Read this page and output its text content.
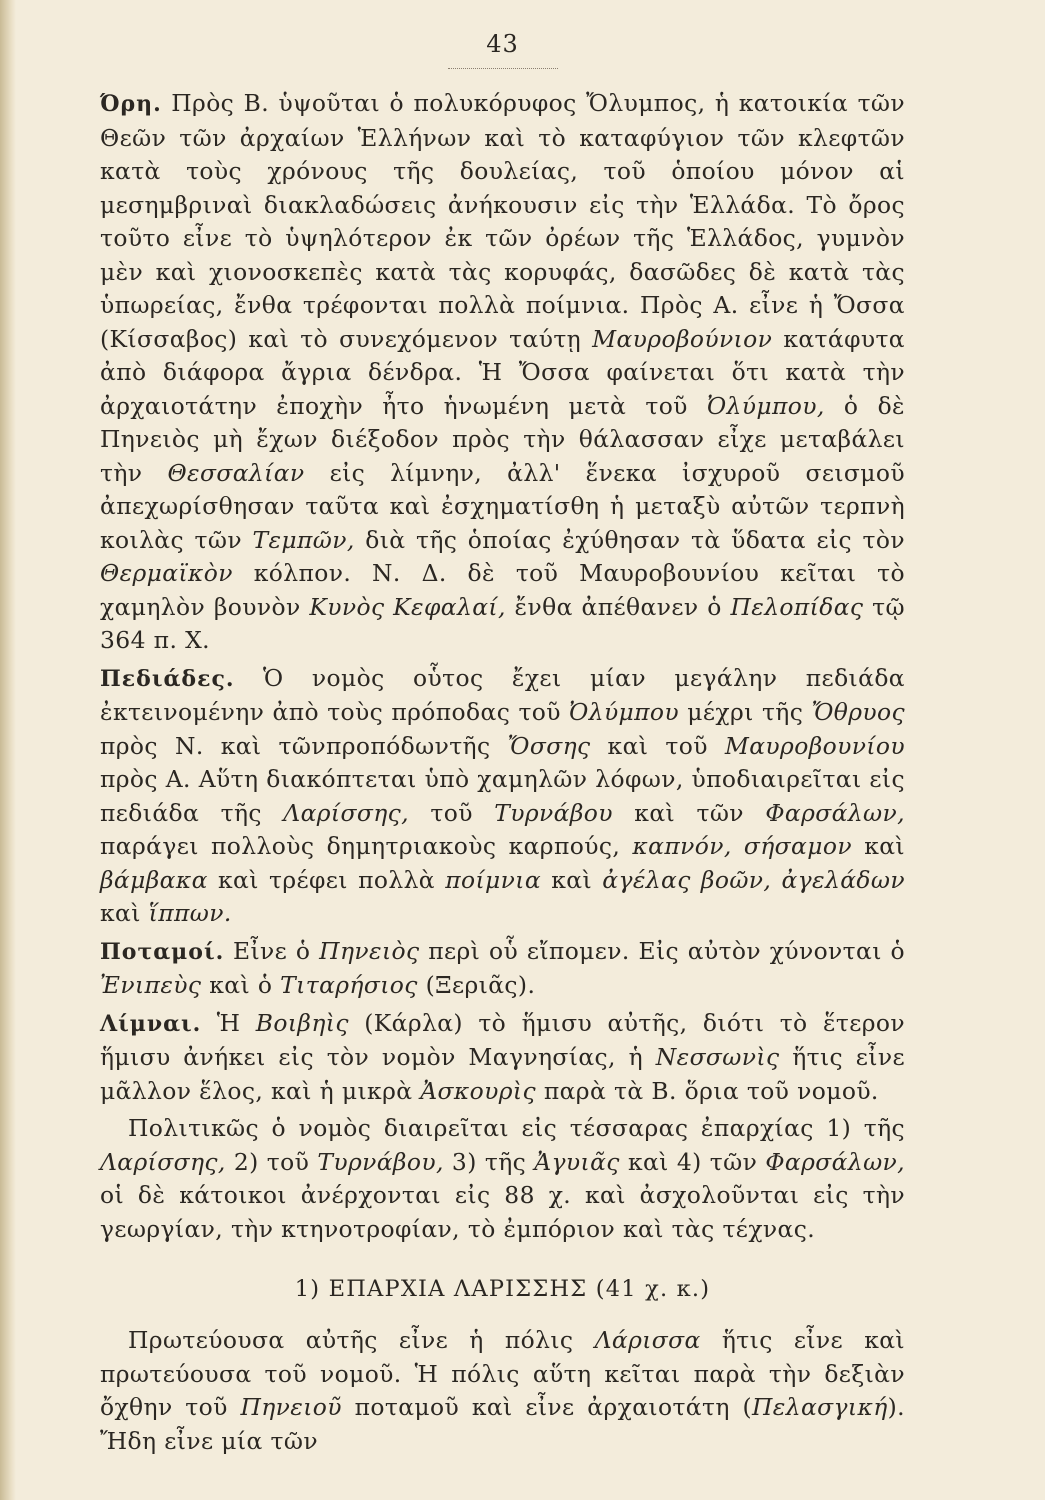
43

Όρη. Πρὸς Β. ὑψοῦται ὁ πολυκόρυφος Ὄλυμπος, ἡ κατοικία τῶν Θεῶν τῶν ἀρχαίων Ἑλλήνων καὶ τὸ καταφύγιον τῶν κλεφτῶν κατὰ τοὺς χρόνους τῆς δουλείας, τοῦ ὁποίου μόνον αἱ μεσημβριναὶ διακλαδώσεις ἀνήκουσιν εἰς τὴν Ἑλλάδα. Τὸ ὄρος τοῦτο εἶνε τὸ ὑψηλότερον ἐκ τῶν ὀρέων τῆς Ἑλλάδος, γυμνὸν μὲν καὶ χιονοσκεπὲς κατὰ τὰς κορυφάς, δασῶδες δὲ κατὰ τὰς ὑπωρείας, ἔνθα τρέφονται πολλὰ ποίμνια. Πρὸς Α. εἶνε ἡ Ὄσσα (Κίσσαβος) καὶ τὸ συνεχόμενον ταύτῃ Μαυροβούνιον κατάφυτα ἀπὸ διάφορα ἄγρια δένδρα. Ἡ Ὄσσα φαίνεται ὅτι κατὰ τὴν ἀρχαιοτάτην ἐποχὴν ἦτο ἡνωμένη μετὰ τοῦ Ὀλύμπου, ὁ δὲ Πηνειὸς μὴ ἔχων διέξοδον πρὸς τὴν θάλασσαν εἶχε μεταβάλει τὴν Θεσσαλίαν εἰς λίμνην, ἀλλ' ἕνεκα ἰσχυροῦ σεισμοῦ ἀπεχωρίσθησαν ταῦτα καὶ ἐσχηματίσθη ἡ μεταξὺ αὐτῶν τερπνὴ κοιλὰς τῶν Τεμπῶν, διὰ τῆς ὁποίας ἐχύθησαν τὰ ὕδατα εἰς τὸν Θερμαϊκὸν κόλπον. Ν. Δ. δὲ τοῦ Μαυροβουνίου κεῖται τὸ χαμηλὸν βουνὸν Κυνὸς Κεφαλαί, ἔνθα ἀπέθανεν ὁ Πελοπίδας τῷ 364 π. Χ.

Πεδιάδες. Ὁ νομὸς οὗτος ἔχει μίαν μεγάλην πεδιάδα ἐκτεινομένην ἀπὸ τοὺς πρόποδας τοῦ Ὀλύμπου μέχρι τῆς Ὄθρυος πρὸς Ν. καὶ τῶνπροπόδωντῆς Ὄσσης καὶ τοῦ Μαυροβουνίου πρὸς Α. Αὕτη διακόπτεται ὑπὸ χαμηλῶν λόφων, ὑποδιαιρεῖται εἰς πεδιάδα τῆς Λαρίσσης, τοῦ Τυρνάβου καὶ τῶν Φαρσάλων, παράγει πολλοὺς δημητριακοὺς καρπούς, καπνόν, σήσαμον καὶ βάμβακα καὶ τρέφει πολλὰ ποίμνια καὶ ἀγέλας βοῶν, ἀγελάδων καὶ ἵππων.

Ποταμοί. Εἶνε ὁ Πηνειὸς περὶ οὗ εἴπομεν. Εἰς αὐτὸν χύνονται ὁ Ἐνιπεὺς καὶ ὁ Τιταρήσιος (Ξεριᾶς).

Λίμναι. Ἡ Βοιβηὶς (Κάρλα) τὸ ἥμισυ αὐτῆς, διότι τὸ ἕτερον ἥμισυ ἀνήκει εἰς τὸν νομὸν Μαγνησίας, ἡ Νεσσωνὶς ἥτις εἶνε μᾶλλον ἕλος, καὶ ἡ μικρὰ Ἀσκουρὶς παρὰ τὰ Β. ὅρια τοῦ νομοῦ.

Πολιτικῶς ὁ νομὸς διαιρεῖται εἰς τέσσαρας ἐπαρχίας 1) τῆς Λαρίσσης, 2) τοῦ Τυρνάβου, 3) τῆς Ἀγυιᾶς καὶ 4) τῶν Φαρσάλων, οἱ δὲ κάτοικοι ἀνέρχονται εἰς 88 χ. καὶ ἀσχολοῦνται εἰς τὴν γεωργίαν, τὴν κτηνοτροφίαν, τὸ ἐμπόριον καὶ τὰς τέχνας.

1) ΕΠΑΡΧΙΑ ΛΑΡΙΣΣΗΣ (41 χ. κ.)

Πρωτεύουσα αὐτῆς εἶνε ἡ πόλις Λάρισσα ἥτις εἶνε καὶ πρωτεύουσα τοῦ νομοῦ. Ἡ πόλις αὕτη κεῖται παρὰ τὴν δεξιὰν ὄχθην τοῦ Πηνειοῦ ποταμοῦ καὶ εἶνε ἀρχαιοτάτη (Πελασγική). Ἤδη εἶνε μία τῶν
